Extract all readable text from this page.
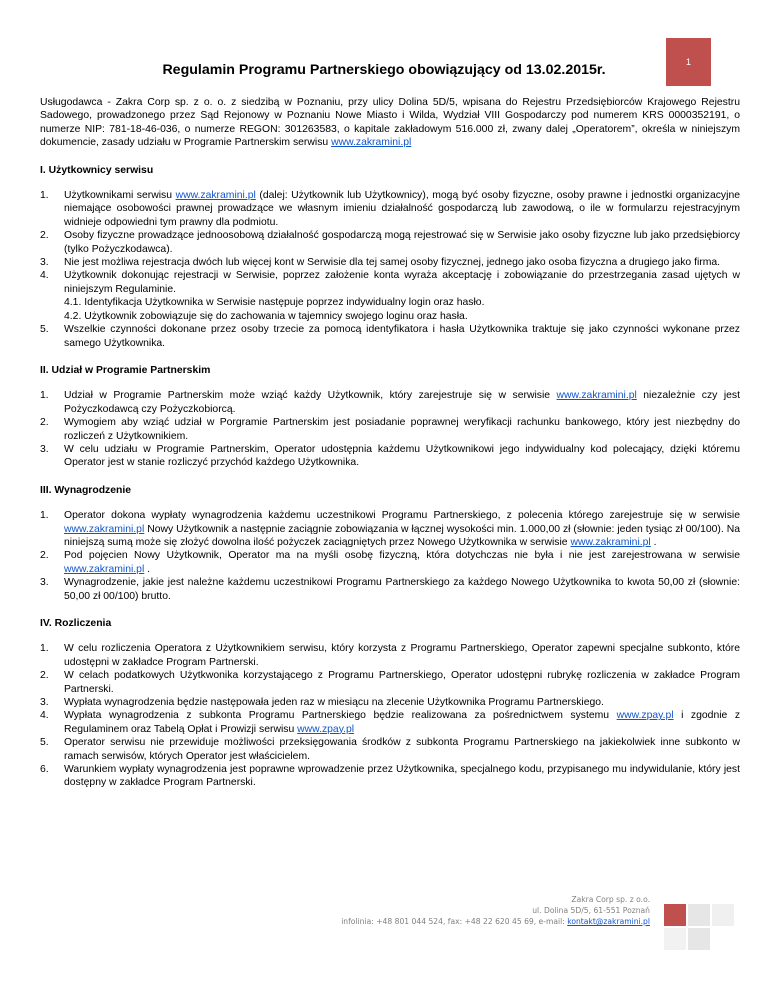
Regulamin Programu Partnerskiego obowiązujący od 13.02.2015r.	1

Usługodawca - Zakra Corp sp. z o. o. z siedzibą w Poznaniu, przy ulicy Dolina 5D/5, wpisana do Rejestru Przedsiębiorców Krajowego Rejestru Sadowego, prowadzonego przez Sąd Rejonowy w Poznaniu Nowe Miasto i Wilda, Wydział VIII Gospodarczy pod numerem KRS 0000352191, o numerze NIP: 781-18-46-036, o numerze REGON: 301263583, o kapitale zakładowym 516.000 zł, zwany dalej „Operatorem”, określa w niniejszym dokumencie, zasady udziału w Programie Partnerskim serwisu www.zakramini.pl

I. Użytkownicy serwisu
1. Użytkownikami serwisu www.zakramini.pl (dalej: Użytkownik lub Użytkownicy), mogą być osoby fizyczne, osoby prawne i jednostki organizacyjne niemające osobowości prawnej prowadzące we własnym imieniu działalność gospodarczą lub zawodową, o ile w formularzu rejestracyjnym widnieje odpowiedni tym prawny dla podmiotu.
2. Osoby fizyczne prowadzące jednoosobową działalność gospodarczą mogą rejestrować się w Serwisie jako osoby fizyczne lub jako przedsiębiorcy (tylko Pożyczkodawca).
3. Nie jest możliwa rejestracja dwóch lub więcej kont w Serwisie dla tej samej osoby fizycznej, jednego jako osoba fizyczna a drugiego jako firma.
4. Użytkownik dokonując rejestracji w Serwisie, poprzez założenie konta wyraża akceptację i zobowiązanie do przestrzegania zasad ujętych w niniejszym Regulaminie.
4.1. Identyfikacja Użytkownika w Serwisie następuje poprzez indywidualny login oraz hasło.
4.2. Użytkownik zobowiązuje się do zachowania w tajemnicy swojego loginu oraz hasła.
5. Wszelkie czynności dokonane przez osoby trzecie za pomocą identyfikatora i hasła Użytkownika traktuje się jako czynności wykonane przez samego Użytkownika.
II. Udział w Programie Partnerskim
1. Udział w Programie Partnerskim może wziąć każdy Użytkownik, który zarejestruje się w serwisie www.zakramini.pl niezależnie czy jest Pożyczkodawcą czy Pożyczkobiorcą.
2. Wymogiem aby wziąć udział w Porgramie Partnerskim jest posiadanie poprawnej weryfikacji rachunku bankowego, który jest niezbędny do rozliczeń z Użytkownikiem.
3. W celu udziału w Programie Partnerskim, Operator udostępnia każdemu Użytkownikowi jego indywidualny kod polecający, dzięki któremu Operator jest w stanie rozliczyć przychód każdego Użytkownika.
III. Wynagrodzenie
1. Operator dokona wypłaty wynagrodzenia każdemu uczestnikowi Programu Partnerskiego, z polecenia którego zarejestruje się w serwisie www.zakramini.pl Nowy Użytkownik a następnie zaciągnie zobowiązania w łącznej wysokości min. 1.000,00 zł (słownie: jeden tysiąc zł 00/100). Na niniejszą sumą może się złożyć dowolna ilość pożyczek zaciągniętych przez Nowego Użytkownika w serwisie www.zakramini.pl .
2. Pod pojęcien Nowy Użytkownik, Operator ma na myśli osobę fizyczną, która dotychczas nie była i nie jest zarejestrowana w serwisie www.zakramini.pl .
3. Wynagrodzenie, jakie jest należne każdemu uczestnikowi Programu Partnerskiego za każdego Nowego Użytkownika to kwota 50,00 zł (słownie: 50,00 zł 00/100) brutto.
IV. Rozliczenia
1. W celu rozliczenia Operatora z Użytkownikiem serwisu, który korzysta z Programu Partnerskiego, Operator zapewni specjalne subkonto, które udostępni w zakładce Program Partnerski.
2. W celach podatkowych Użytkwonika korzystającego z Programu Partnerskiego, Operator udostępni rubrykę rozliczenia w zakładce Program Partnerski.
3. Wypłata wynagrodzenia będzie następowała jeden raz w miesiącu na zlecenie Użytkownika Programu Partnerskiego.
4. Wypłata wynagrodzenia z subkonta Programu Partnerskiego będzie realizowana za pośrednictwem systemu www.zpay.pl i zgodnie z Regulaminem oraz Tabelą Opłat i Prowizji serwisu www.zpay.pl
5. Operator serwisu nie przewiduje możliwości przeksięgowania środków z subkonta Programu Partnerskiego na jakiekolwiek inne subkonto w ramach serwisów, których Operator jest właścicielem.
6. Warunkiem wypłaty wynagrodzenia jest poprawne wprowadzenie przez Użytkownika, specjalnego kodu, przypisanego mu indywidulanie, który jest dostępny w zakładce Program Partnerski.
Zakra Corp sp. z o.o.
ul. Dolina 5D/5, 61-551 Poznań
infolinia: +48 801 044 524, fax: +48 22 620 45 69, e-mail: kontakt@zakramini.pl
